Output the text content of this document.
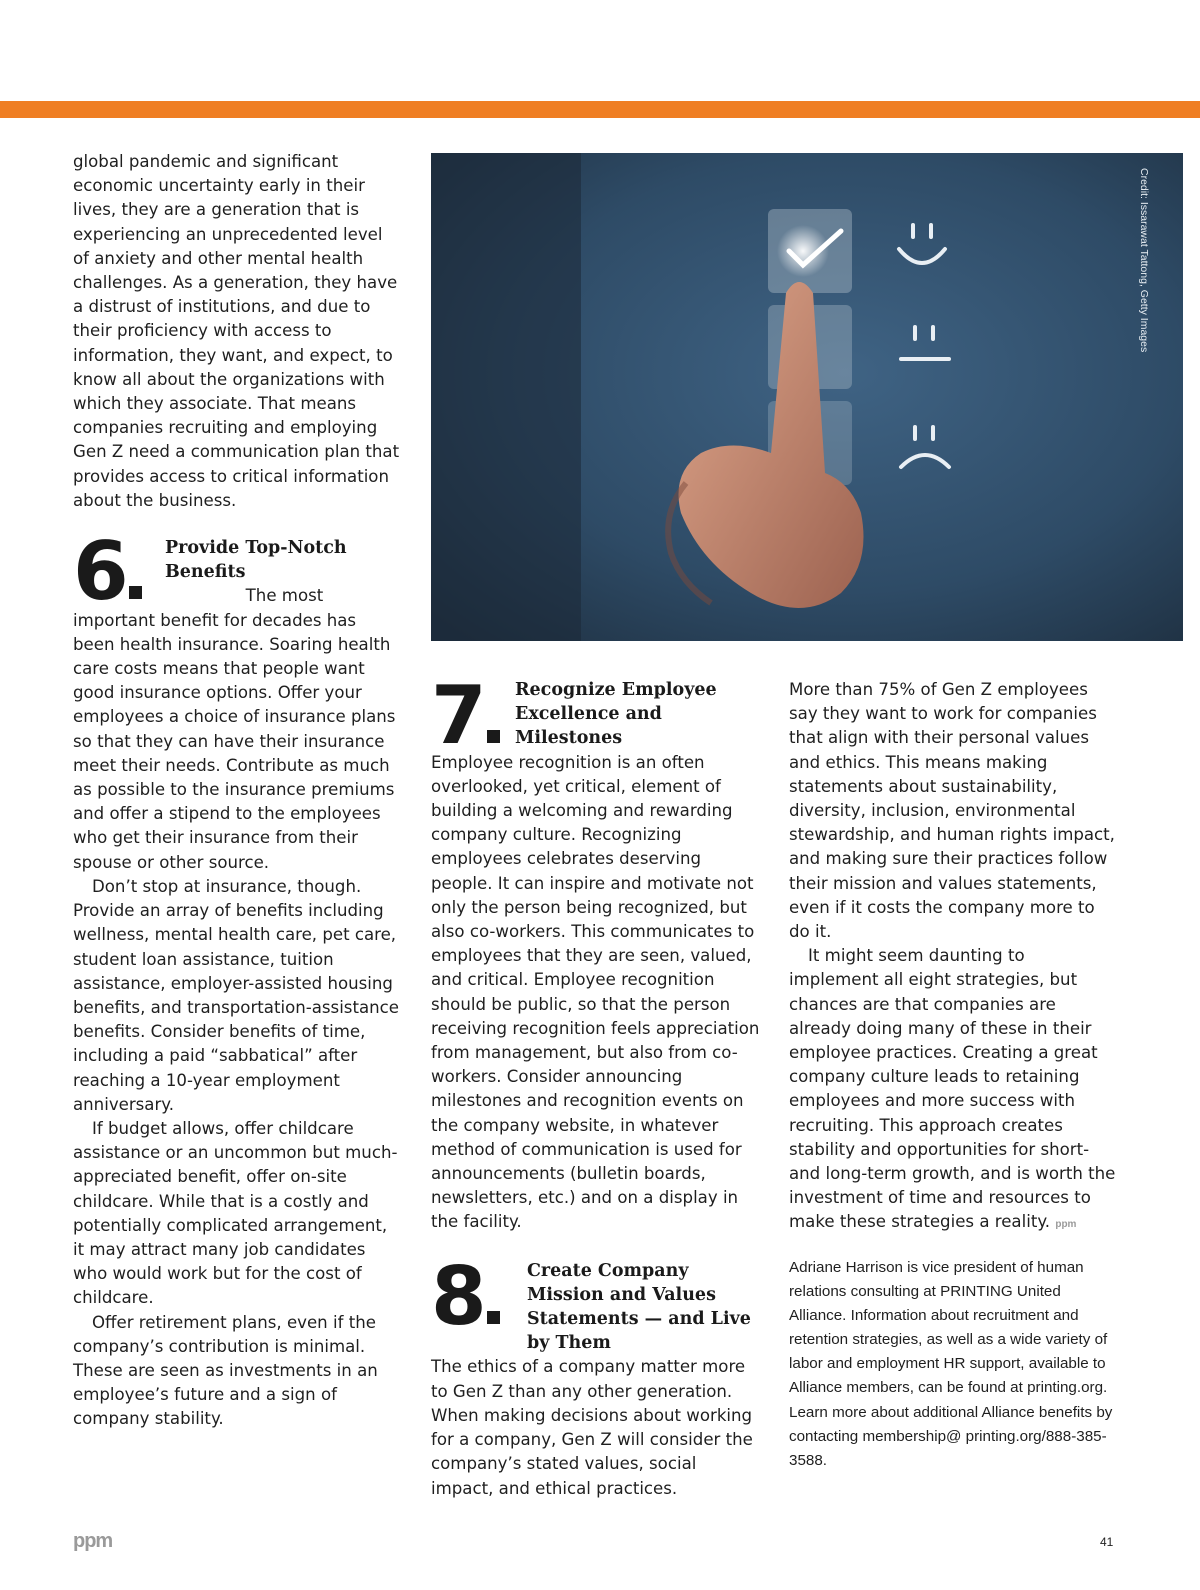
global pandemic and significant economic uncertainty early in their lives, they are a generation that is experiencing an unprecedented level of anxiety and other mental health challenges. As a generation, they have a distrust of institutions, and due to their proficiency with access to information, they want, and expect, to know all about the organizations with which they associate. That means companies recruiting and employing Gen Z need a communication plan that provides access to critical information about the business.

6	Provide Top-Notch Benefits

The most important benefit for decades has been health insurance. Soaring health care costs means that people want good insurance options. Offer your employees a choice of insurance plans so that they can have their insurance meet their needs. Contribute as much as possible to the insurance premiums and offer a stipend to the employees who get their insurance from their spouse or other source.

Don’t stop at insurance, though. Provide an array of benefits including wellness, mental health care, pet care, student loan assistance, tuition assistance, employer-assisted housing benefits, and transportation-assistance benefits. Consider benefits of time, including a paid “sabbatical” after reaching a 10-year employment anniversary.

If budget allows, offer childcare assistance or an uncommon but much-appreciated benefit, offer on-site childcare. While that is a costly and potentially complicated arrangement, it may attract many job candidates who would work but for the cost of childcare.

Offer retirement plans, even if the company’s contribution is minimal. These are seen as investments in an employee’s future and a sign of company stability.

Credit: Issarawat Tattong, Getty Images
7	Recognize Employee Excellence and Milestones

Employee recognition is an often overlooked, yet critical, element of building a welcoming and rewarding company culture. Recognizing employees celebrates deserving people. It can inspire and motivate not only the person being recognized, but also co-workers. This communicates to employees that they are seen, valued, and critical. Employee recognition should be public, so that the person receiving recognition feels appreciation from management, but also from co-workers. Consider announcing milestones and recognition events on the company website, in whatever method of communication is used for announcements (bulletin boards, newsletters, etc.) and on a display in the facility.

8	Create Company Mission and Values Statements — and Live by Them

The ethics of a company matter more to Gen Z than any other generation. When making decisions about working for a company, Gen Z will consider the company’s stated values, social impact, and ethical practices.

More than 75% of Gen Z employees say they want to work for companies that align with their personal values and ethics. This means making statements about sustainability, diversity, inclusion, environmental stewardship, and human rights impact, and making sure their practices follow their mission and values statements, even if it costs the company more to do it.

It might seem daunting to implement all eight strategies, but chances are that companies are already doing many of these in their employee practices. Creating a great company culture leads to retaining employees and more success with recruiting. This approach creates stability and opportunities for short- and long-term growth, and is worth the investment of time and resources to make these strategies a reality. ppm

Adriane Harrison is vice president of human relations consulting at PRINTING United Alliance. Information about recruitment and retention strategies, as well as a wide variety of labor and employment HR support, available to Alliance members, can be found at printing.org. Learn more about additional Alliance benefits by contacting membership@ printing.org/888-385-3588.
ppm	41
